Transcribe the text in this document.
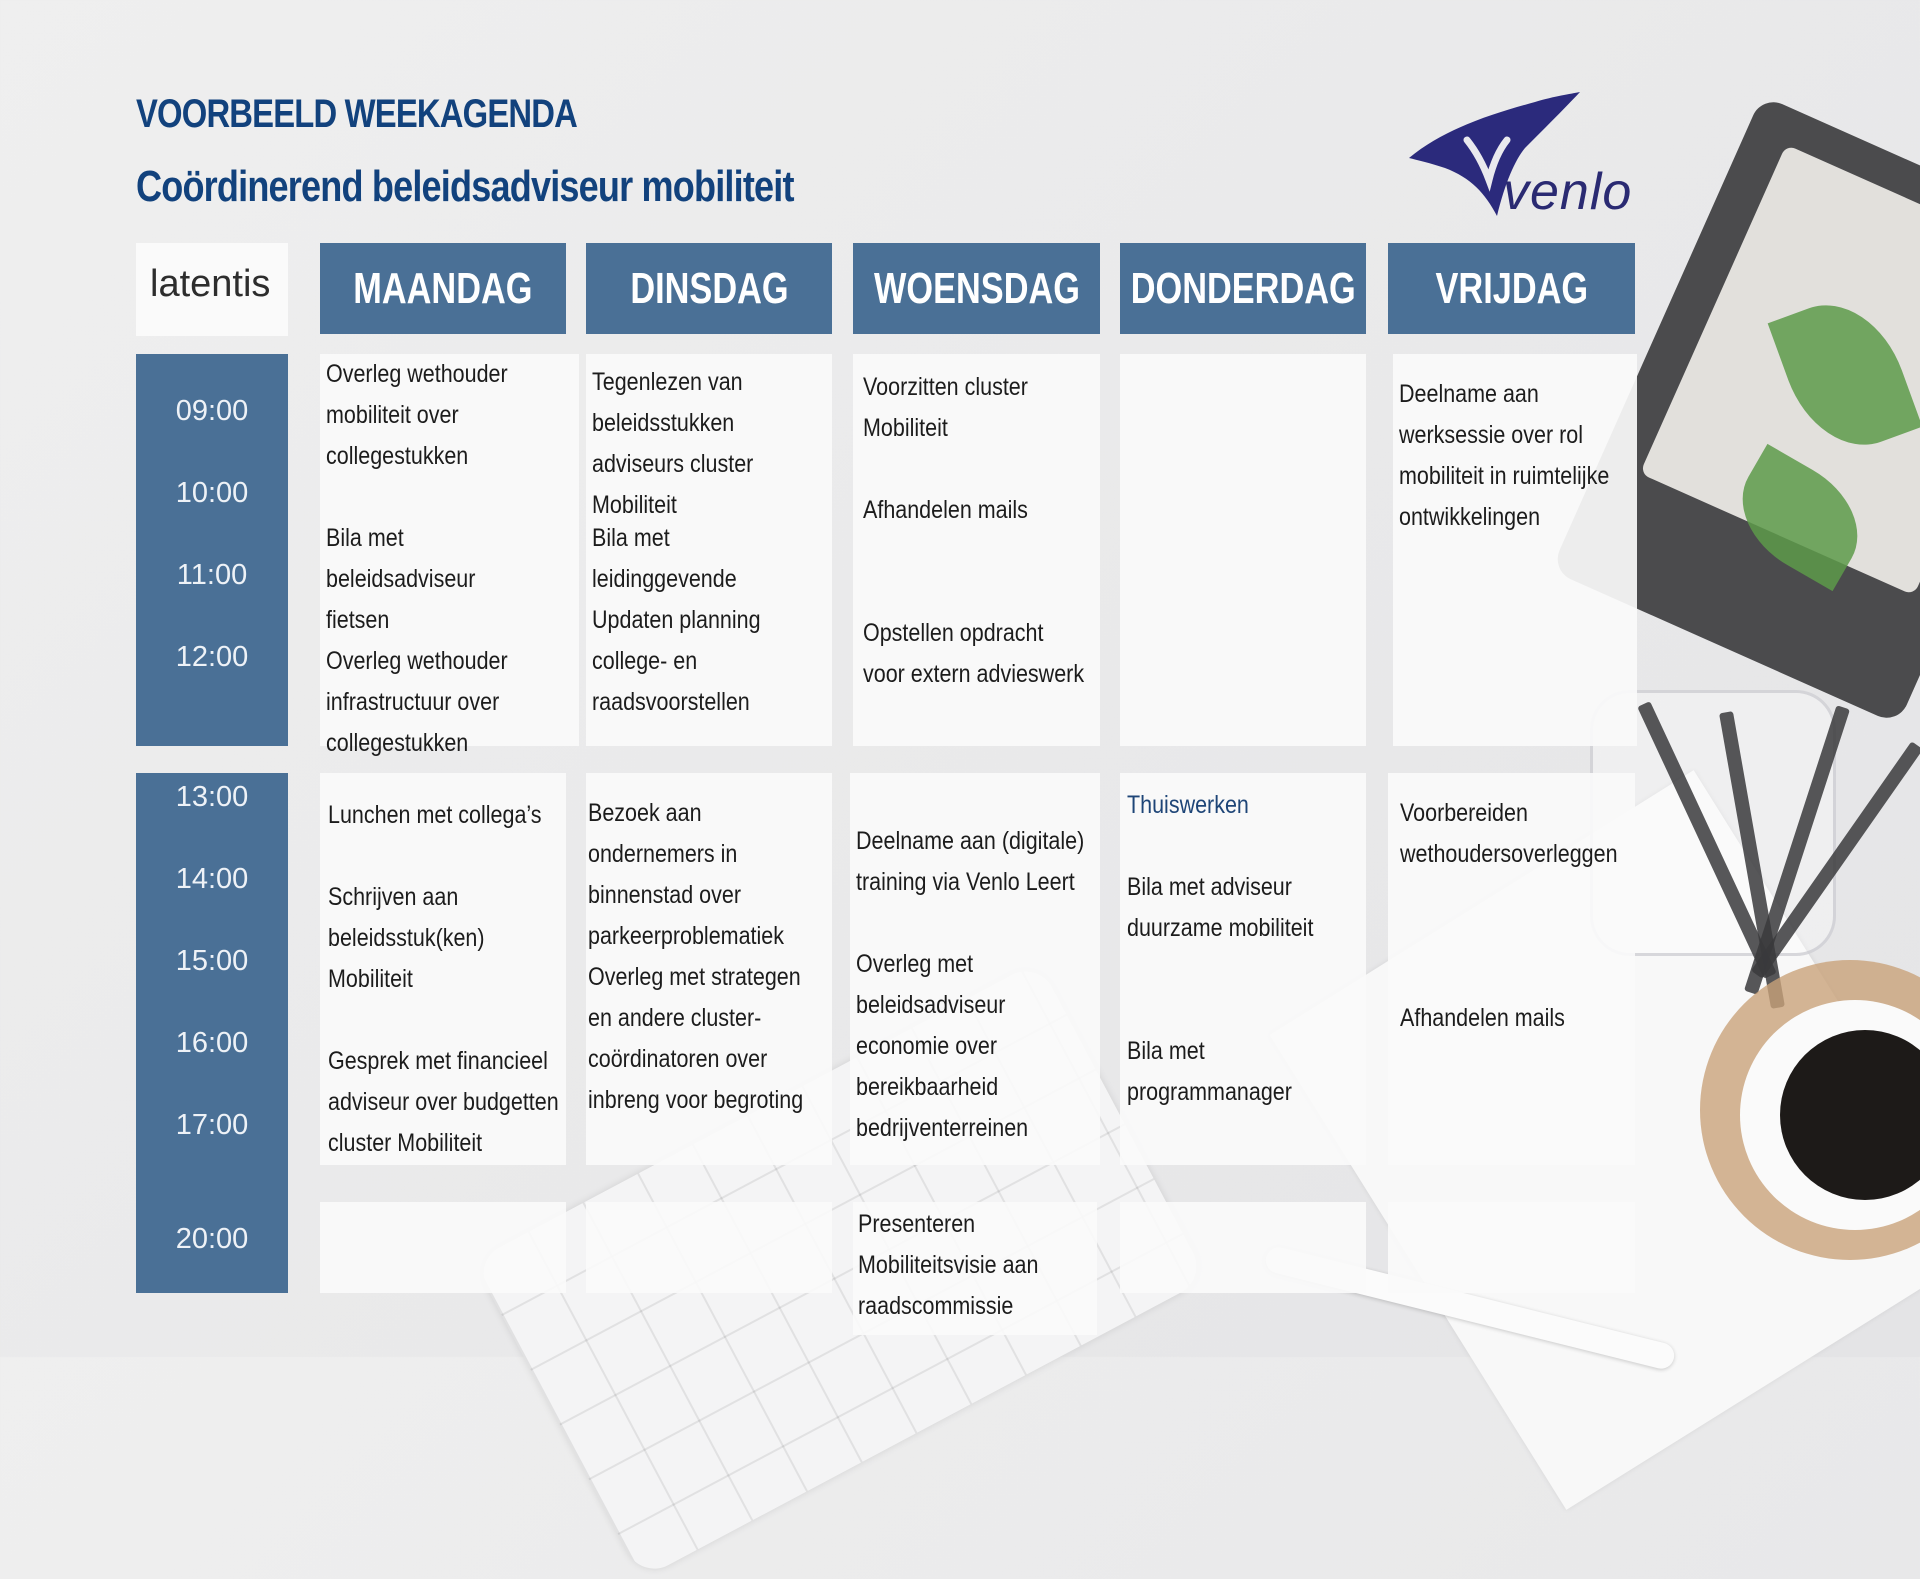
VOORBEELD WEEKAGENDA
Coördinerend beleidsadviseur mobiliteit	venlo
latentis MAANDAG DINSDAG WOENSDAG DONDERDAG VRIJDAG
09:00
10:00
11:00
12:00
13:00
14:00
15:00
16:00
17:00
20:00
Overleg wethouder mobiliteit over collegestukken
Bila met beleidsadviseur fietsen
Overleg wethouder infrastructuur over collegestukken
Tegenlezen van beleidsstukken adviseurs cluster Mobiliteit
Bila met leidinggevende
Updaten planning college- en raadsvoorstellen
Voorzitten cluster Mobiliteit
Afhandelen mails
Opstellen opdracht voor extern advieswerk
Deelname aan werksessie over rol mobiliteit in ruimtelijke ontwikkelingen
Lunchen met collega’s
Schrijven aan beleidsstuk(ken) Mobiliteit
Gesprek met financieel adviseur over budgetten cluster Mobiliteit
Bezoek aan ondernemers in binnenstad over parkeerproblematiek
Overleg met strategen en andere cluster-coördinatoren over inbreng voor begroting
Deelname aan (digitale) training via Venlo Leert
Overleg met beleidsadviseur economie over bereikbaarheid bedrijventerreinen
Thuiswerken
Bila met adviseur duurzame mobiliteit
Bila met programmanager
Voorbereiden wethoudersoverleggen
Afhandelen mails
Presenteren Mobiliteitsvisie aan raadscommissie
